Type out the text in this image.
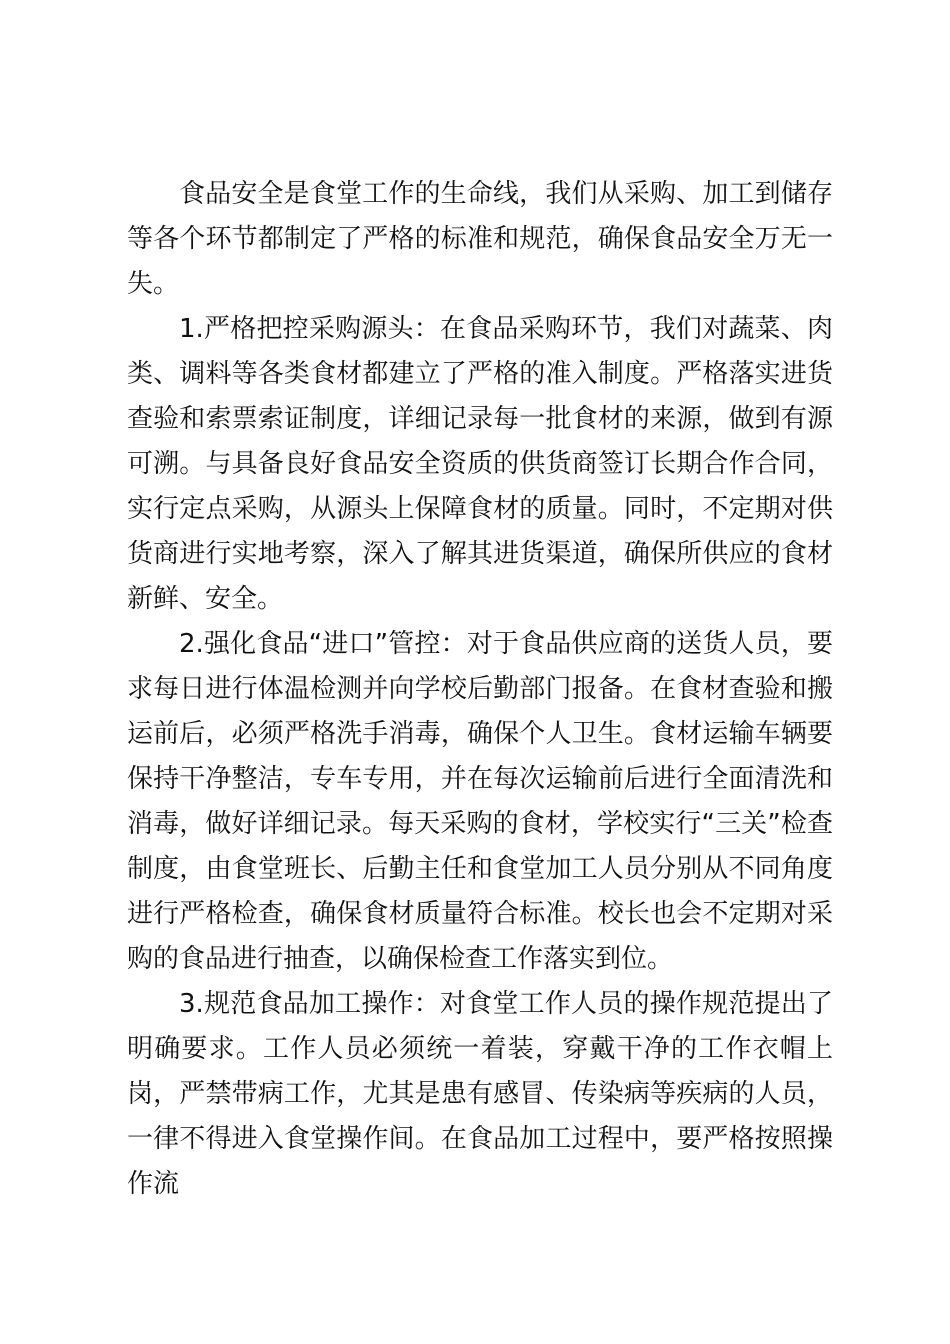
食品安全是食堂工作的生命线，我们从采购、加工到储存等各个环节都制定了严格的标准和规范，确保食品安全万无一失。

1.严格把控采购源头：在食品采购环节，我们对蔬菜、肉类、调料等各类食材都建立了严格的准入制度。严格落实进货查验和索票索证制度，详细记录每一批食材的来源，做到有源可溯。与具备良好食品安全资质的供货商签订长期合作合同，实行定点采购，从源头上保障食材的质量。同时，不定期对供货商进行实地考察，深入了解其进货渠道，确保所供应的食材新鲜、安全。

2.强化食品“进口”管控：对于食品供应商的送货人员，要求每日进行体温检测并向学校后勤部门报备。在食材查验和搬运前后，必须严格洗手消毒，确保个人卫生。食材运输车辆要保持干净整洁，专车专用，并在每次运输前后进行全面清洗和消毒，做好详细记录。每天采购的食材，学校实行“三关”检查制度，由食堂班长、后勤主任和食堂加工人员分别从不同角度进行严格检查，确保食材质量符合标准。校长也会不定期对采购的食品进行抽查，以确保检查工作落实到位。

3.规范食品加工操作：对食堂工作人员的操作规范提出了明确要求。工作人员必须统一着装，穿戴干净的工作衣帽上岗，严禁带病工作，尤其是患有感冒、传染病等疾病的人员，一律不得进入食堂操作间。在食品加工过程中，要严格按照操作流
